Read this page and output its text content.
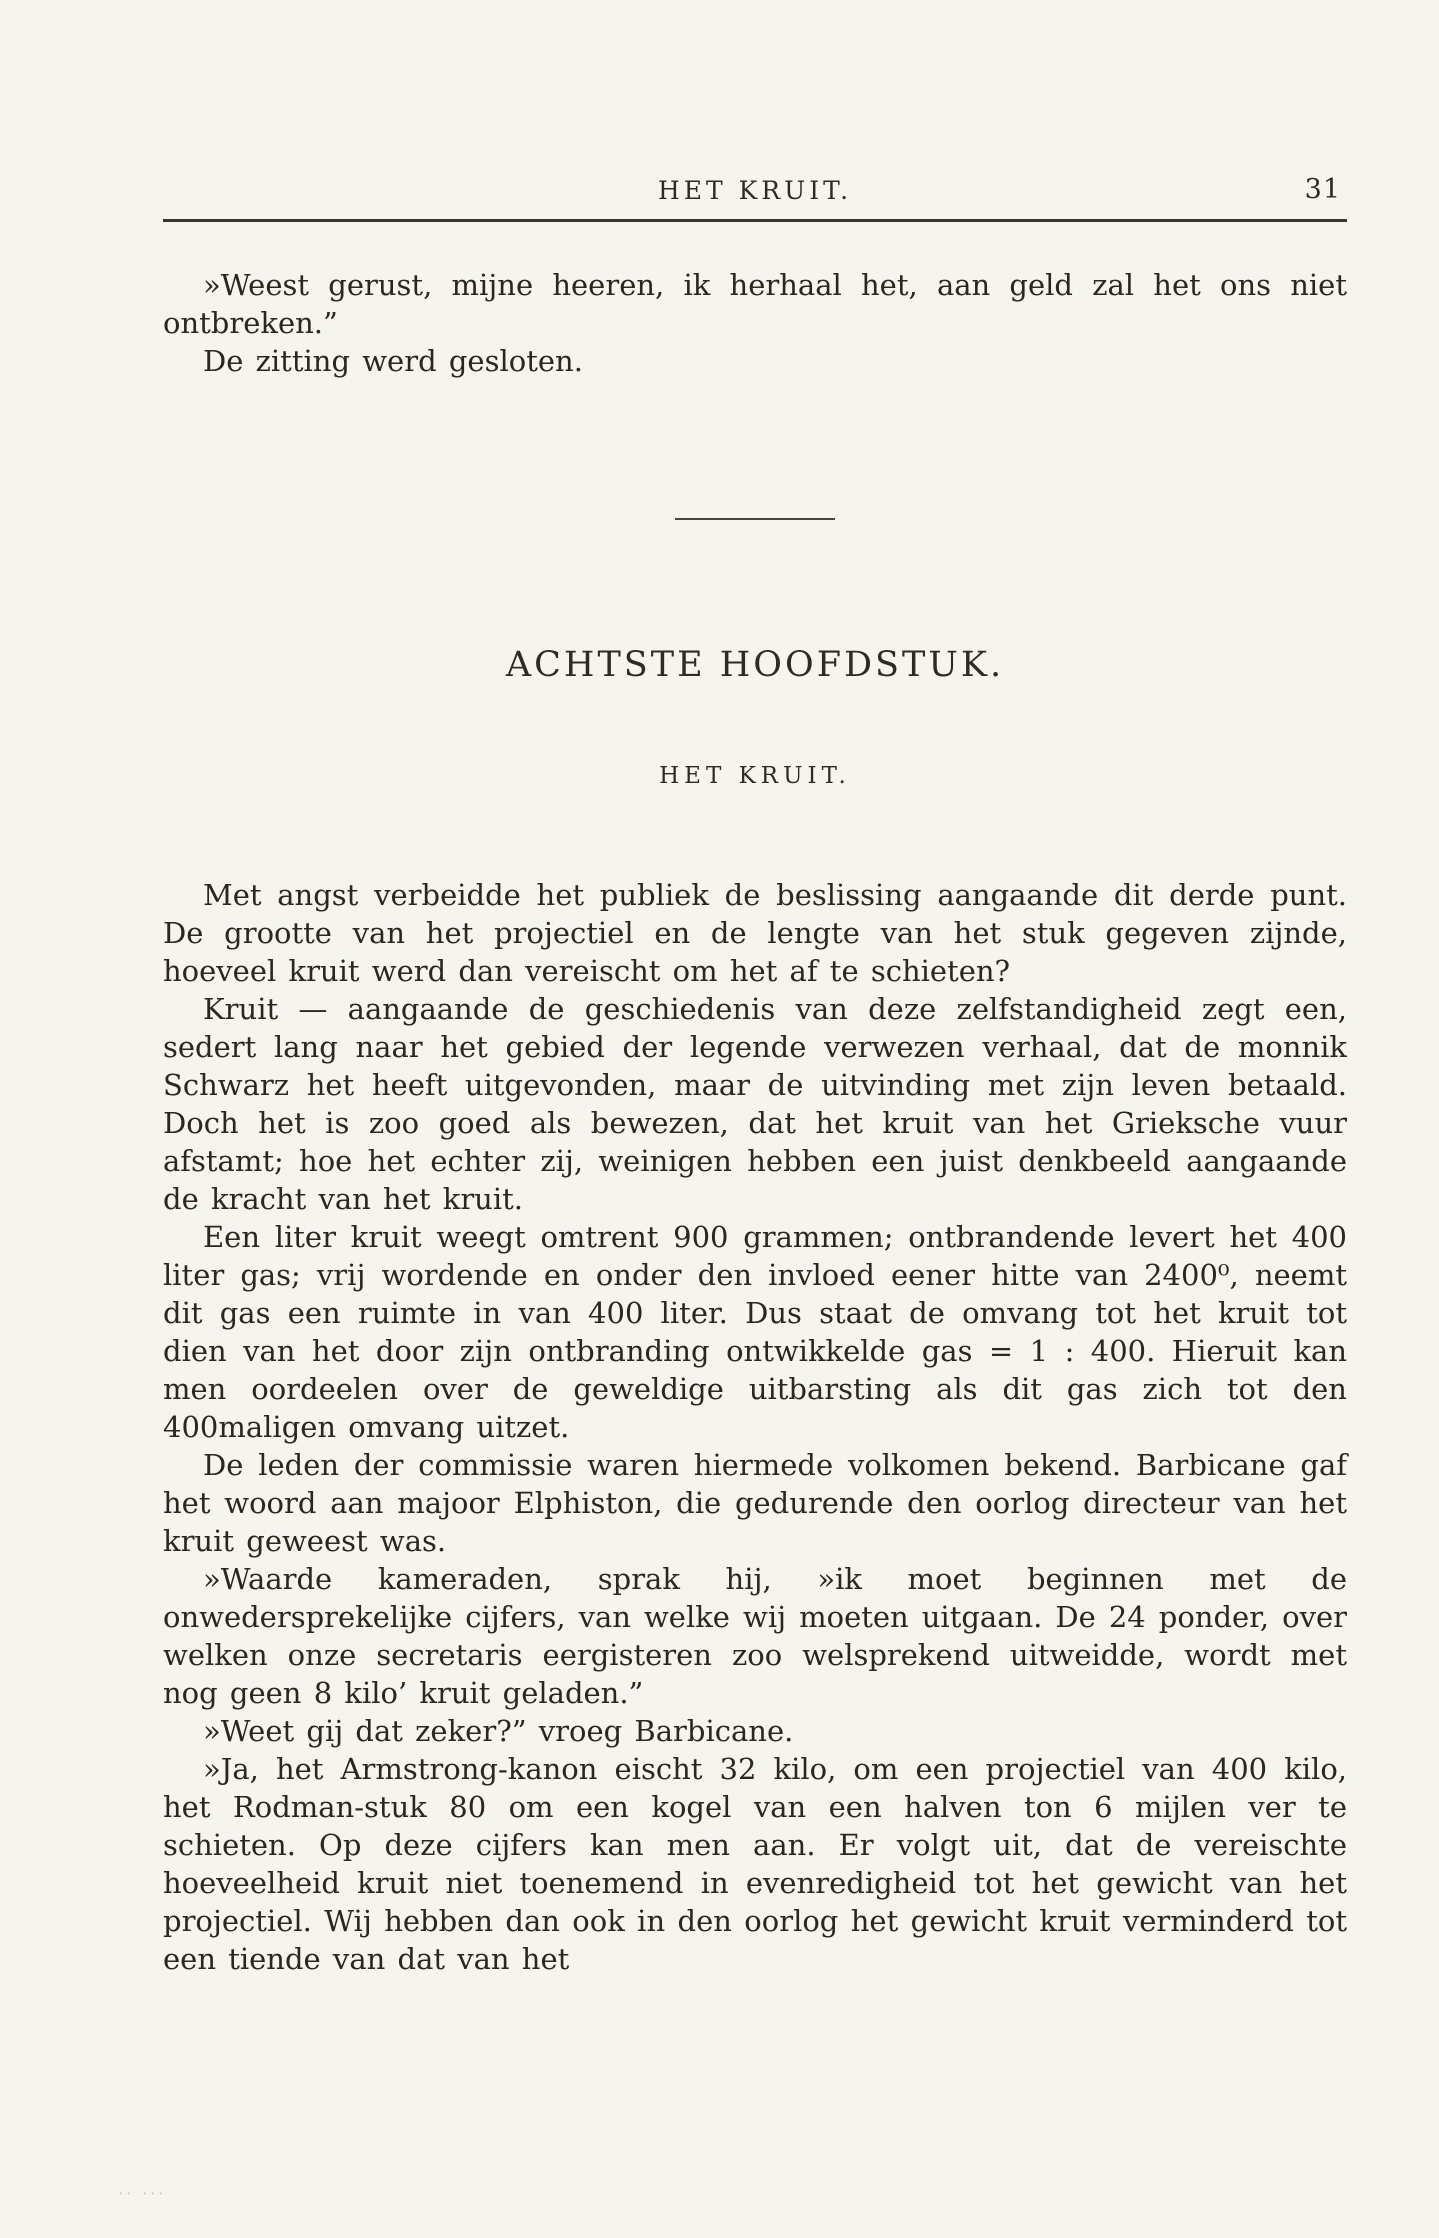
HET KRUIT.	31

»Weest gerust, mijne heeren, ik herhaal het, aan geld zal het ons niet ontbreken.”

De zitting werd gesloten.

ACHTSTE HOOFDSTUK.
HET KRUIT.

Met angst verbeidde het publiek de beslissing aangaande dit derde punt. De grootte van het projectiel en de lengte van het stuk gegeven zijnde, hoeveel kruit werd dan vereischt om het af te schieten?

Kruit — aangaande de geschiedenis van deze zelfstandigheid zegt een, sedert lang naar het gebied der legende verwezen verhaal, dat de monnik Schwarz het heeft uitgevonden, maar de uitvinding met zijn leven betaald. Doch het is zoo goed als bewezen, dat het kruit van het Grieksche vuur afstamt; hoe het echter zij, weinigen hebben een juist denkbeeld aangaande de kracht van het kruit.

Een liter kruit weegt omtrent 900 grammen; ontbrandende levert het 400 liter gas; vrij wordende en onder den invloed eener hitte van 2400⁰, neemt dit gas een ruimte in van 400 liter. Dus staat de omvang tot het kruit tot dien van het door zijn ontbranding ontwikkelde gas = 1 : 400. Hieruit kan men oordeelen over de geweldige uitbarsting als dit gas zich tot den 400maligen omvang uitzet.

De leden der commissie waren hiermede volkomen bekend. Barbicane gaf het woord aan majoor Elphiston, die gedurende den oorlog directeur van het kruit geweest was.

»Waarde kameraden, sprak hij, »ik moet beginnen met de onwedersprekelijke cijfers, van welke wij moeten uitgaan. De 24 ponder, over welken onze secretaris eergisteren zoo welsprekend uitweidde, wordt met nog geen 8 kilo’ kruit geladen.”

»Weet gij dat zeker?” vroeg Barbicane.

»Ja, het Armstrong-kanon eischt 32 kilo, om een projectiel van 400 kilo, het Rodman-stuk 80 om een kogel van een halven ton 6 mijlen ver te schieten. Op deze cijfers kan men aan. Er volgt uit, dat de vereischte hoeveelheid kruit niet toenemend in evenredigheid tot het gewicht van het projectiel. Wij hebben dan ook in den oorlog het gewicht kruit verminderd tot een tiende van dat van het

·· ···
